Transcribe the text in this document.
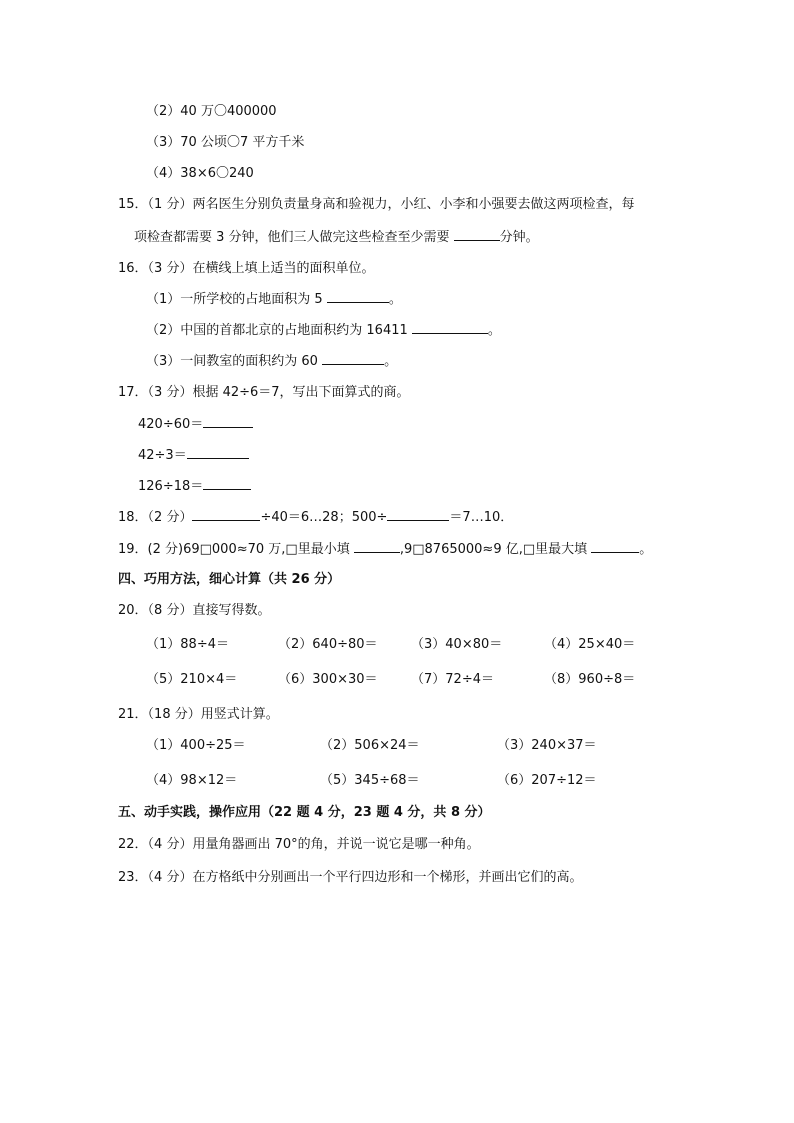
（2）40 万〇400000
（3）70 公顷〇7 平方千米
（4）38×6〇240
15．（1 分）两名医生分别负责量身高和验视力，小红、小李和小强要去做这两项检查，每
项检查都需要 3 分钟，他们三人做完这些检查至少需要	分钟。
16．（3 分）在横线上填上适当的面积单位。
（1）一所学校的占地面积为 5	。
（2）中国的首都北京的占地面积约为 16411	。
（3）一间教室的面积约为 60	。
17．（3 分）根据 42÷6＝7，写出下面算式的商。
420÷60＝
42÷3＝
126÷18＝
18．（2 分）	÷40＝6…28；500÷	＝7…10．
19．(2 分)69□000≈70 万,□里最小填	,9□8765000≈9 亿,□里最大填	。
四、巧用方法，细心计算（共 26 分）
20．（8 分）直接写得数。
（1）88÷4＝	（2）640÷80＝	（3）40×80＝	（4）25×40＝
（5）210×4＝	（6）300×30＝	（7）72÷4＝	（8）960÷8＝
21．（18 分）用竖式计算。
（1）400÷25＝	（2）506×24＝	（3）240×37＝
（4）98×12＝	（5）345÷68＝	（6）207÷12＝
五、动手实践，操作应用（22 题 4 分，23 题 4 分，共 8 分）
22．（4 分）用量角器画出 70°的角，并说一说它是哪一种角。
23．（4 分）在方格纸中分别画出一个平行四边形和一个梯形，并画出它们的高。
